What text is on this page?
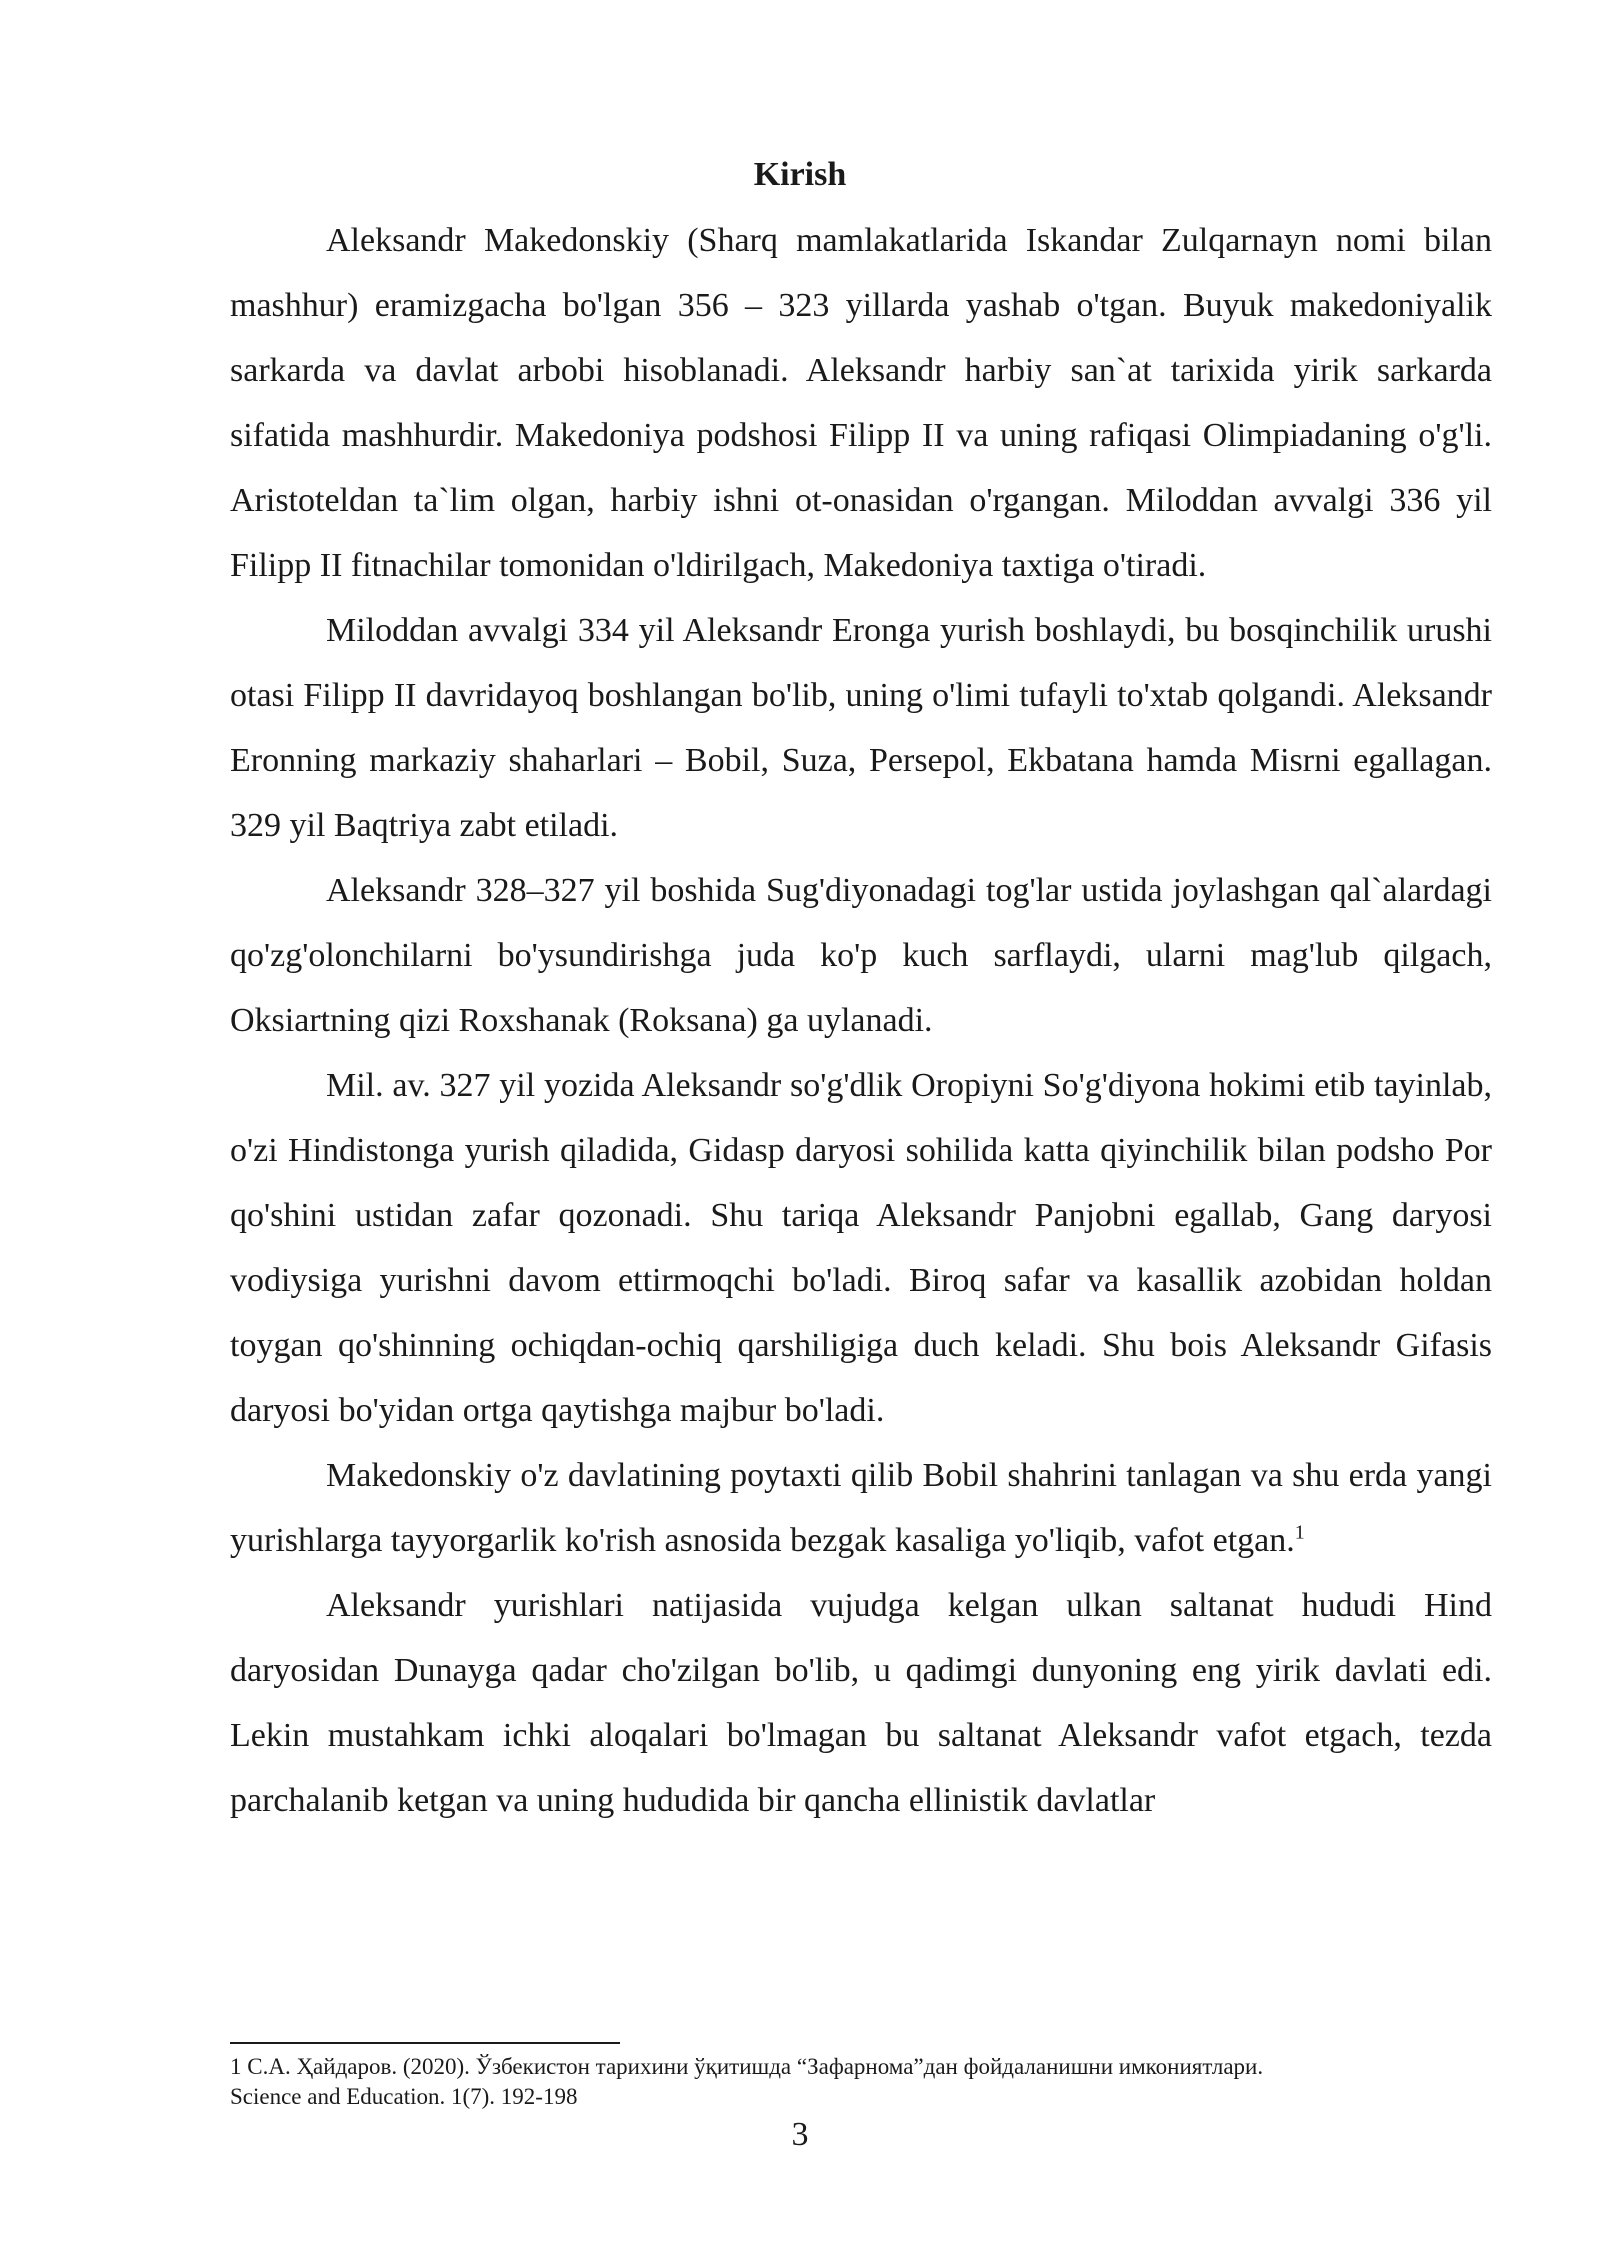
Kirish

Aleksandr Makedonskiy (Sharq mamlakatlarida Iskandar Zulqarnayn nomi bilan mashhur) eramizgacha bo'lgan 356 – 323 yillarda yashab o'tgan. Buyuk makedoniyalik sarkarda va davlat arbobi hisoblanadi. Aleksandr harbiy san`at tarixida yirik sarkarda sifatida mashhurdir. Makedoniya podshosi Filipp II va uning rafiqasi Olimpiadaning o'g'li. Aristoteldan ta`lim olgan, harbiy ishni ot-onasidan o'rgangan. Miloddan avvalgi 336 yil Filipp II fitnachilar tomonidan o'ldirilgach, Makedoniya taxtiga o'tiradi.

Miloddan avvalgi 334 yil Aleksandr Eronga yurish boshlaydi, bu bosqinchilik urushi otasi Filipp II davridayoq boshlangan bo'lib, uning o'limi tufayli to'xtab qolgandi. Aleksandr Eronning markaziy shaharlari – Bobil, Suza, Persepol, Ekbatana hamda Misrni egallagan. 329 yil Baqtriya zabt etiladi.

Aleksandr 328–327 yil boshida Sug'diyonadagi tog'lar ustida joylashgan qal`alardagi qo'zg'olonchilarni bo'ysundirishga juda ko'p kuch sarflaydi, ularni mag'lub qilgach, Oksiartning qizi Roxshanak (Roksana) ga uylanadi.

Mil. av. 327 yil yozida Aleksandr so'g'dlik Oropiyni So'g'diyona hokimi etib tayinlab, o'zi Hindistonga yurish qiladida, Gidasp daryosi sohilida katta qiyinchilik bilan podsho Por qo'shini ustidan zafar qozonadi. Shu tariqa Aleksandr Panjobni egallab, Gang daryosi vodiysiga yurishni davom ettirmoqchi bo'ladi. Biroq safar va kasallik azobidan holdan toygan qo'shinning ochiqdan-ochiq qarshiligiga duch keladi. Shu bois Aleksandr Gifasis daryosi bo'yidan ortga qaytishga majbur bo'ladi.

Makedonskiy o'z davlatining poytaxti qilib Bobil shahrini tanlagan va shu erda yangi yurishlarga tayyorgarlik ko'rish asnosida bezgak kasaliga yo'liqib, vafot etgan.$^1$

Aleksandr yurishlari natijasida vujudga kelgan ulkan saltanat hududi Hind daryosidan Dunayga qadar cho'zilgan bo'lib, u qadimgi dunyoning eng yirik davlati edi. Lekin mustahkam ichki aloqalari bo'lmagan bu saltanat Aleksandr vafot etgach, tezda parchalanib ketgan va uning hududida bir qancha ellinistik davlatlar

1 С.А. Ҳайдаров. (2020). Ўзбекистон тарихини ўқитишда “Зафарнома”дан фойдаланишни имкониятлари.
Science and Education. 1(7). 192-198
3
